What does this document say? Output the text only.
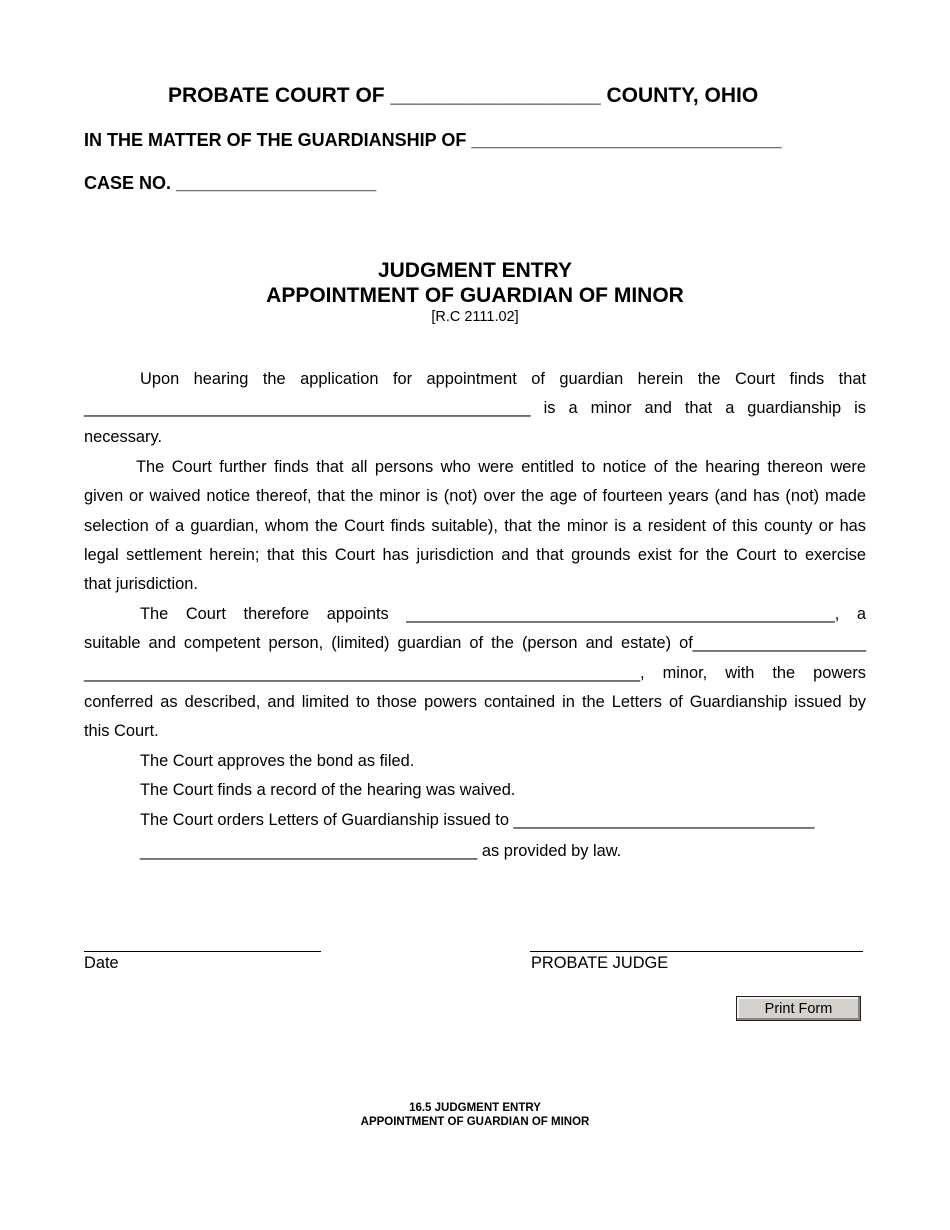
PROBATE COURT OF __________________ COUNTY, OHIO
IN THE MATTER OF THE GUARDIANSHIP OF _______________________________
CASE NO. ____________________
JUDGMENT ENTRY
APPOINTMENT OF GUARDIAN OF MINOR
[R.C 2111.02]
Upon hearing the application for appointment of guardian herein the Court finds that
_________________________________________________ is a minor and that a guardianship is
necessary.
The Court further finds that all persons who were entitled to notice of the hearing thereon were
given or waived notice thereof, that the minor is (not) over the age of fourteen years (and has (not) made
selection of a guardian, whom the Court finds suitable), that the minor is a resident of this county or has
legal settlement herein; that this Court has jurisdiction and that grounds exist for the Court to exercise
that jurisdiction.
The Court therefore appoints _______________________________________________, a
suitable and competent person, (limited) guardian of the (person and estate) of___________________
_____________________________________________________________, minor, with the powers
conferred as described, and limited to those powers contained in the Letters of Guardianship issued by
this Court.
The Court approves the bond as filed.
The Court finds a record of the hearing was waived.
The Court orders Letters of Guardianship issued to _________________________________
_____________________________________ as provided by law.
Date	PROBATE JUDGE
Print Form
16.5 JUDGMENT ENTRY
APPOINTMENT OF GUARDIAN OF MINOR
